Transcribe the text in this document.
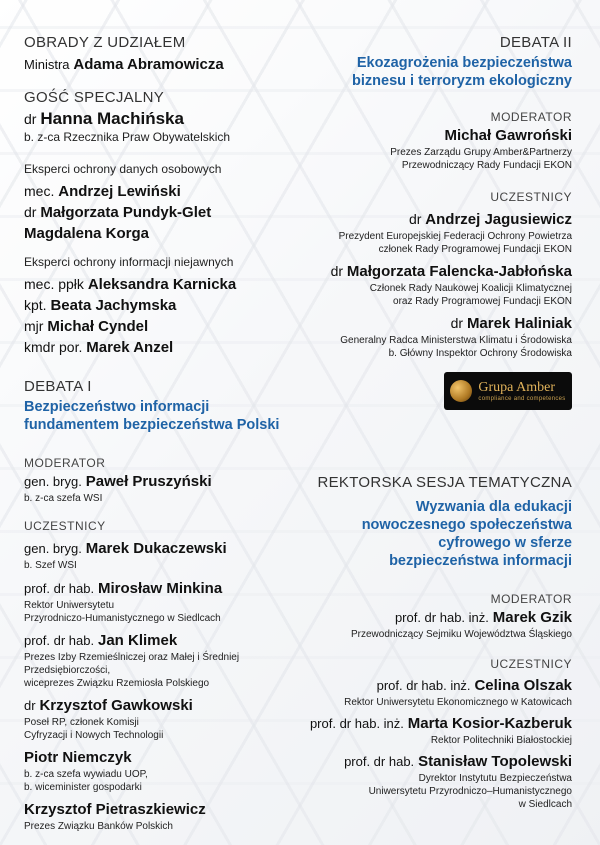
OBRADY Z UDZIAŁEM
Ministra Adama Abramowicza
GOŚĆ SPECJALNY
dr Hanna Machińska
b. z-ca Rzecznika Praw Obywatelskich
Eksperci ochrony danych osobowych
mec. Andrzej Lewiński
dr Małgorzata Pundyk-Glet
Magdalena Korga
Eksperci ochrony informacji niejawnych
mec. ppłk Aleksandra Karnicka
kpt. Beata Jachymska
mjr Michał Cyndel
kmdr por. Marek Anzel
DEBATA I
Bezpieczeństwo informacji
fundamentem bezpieczeństwa Polski
MODERATOR
gen. bryg. Paweł Pruszyński
b. z-ca szefa WSI
UCZESTNICY
gen. bryg. Marek Dukaczewski
b. Szef WSI
prof. dr hab. Mirosław Minkina
Rektor Uniwersytetu
Przyrodniczo-Humanistycznego w Siedlcach
prof. dr hab. Jan Klimek
Prezes Izby Rzemieślniczej oraz Małej i Średniej
Przedsiębiorczości,
wiceprezes Związku Rzemiosła Polskiego
dr Krzysztof Gawkowski
Poseł RP, członek Komisji
Cyfryzacji i Nowych Technologii
Piotr Niemczyk
b. z-ca szefa wywiadu UOP,
b. wiceminister gospodarki
Krzysztof Pietraszkiewicz
Prezes Związku Banków Polskich
DEBATA II
Ekozagrożenia bezpieczeństwa
biznesu i terroryzm ekologiczny
MODERATOR
Michał Gawroński
Prezes Zarządu Grupy Amber&Partnerzy
Przewodniczący Rady Fundacji EKON
UCZESTNICY
dr Andrzej Jagusiewicz
Prezydent Europejskiej Federacji Ochrony Powietrza
członek Rady Programowej Fundacji EKON
dr Małgorzata Falencka-Jabłońska
Członek Rady Naukowej Koalicji Klimatycznej
oraz Rady Programowej Fundacji EKON
dr Marek Haliniak
Generalny Radca Ministerstwa Klimatu i Środowiska
b. Główny Inspektor Ochrony Środowiska
REKTORSKA SESJA TEMATYCZNA
Wyzwania dla edukacji
nowoczesnego społeczeństwa
cyfrowego w sferze
bezpieczeństwa informacji
MODERATOR
prof. dr hab. inż. Marek Gzik
Przewodniczący Sejmiku Województwa Śląskiego
UCZESTNICY
prof. dr hab. inż. Celina Olszak
Rektor Uniwersytetu Ekonomicznego w Katowicach
prof. dr hab. inż. Marta Kosior-Kazberuk
Rektor Politechniki Białostockiej
prof. dr hab. Stanisław Topolewski
Dyrektor Instytutu Bezpieczeństwa
Uniwersytetu Przyrodniczo–Humanistycznego
w Siedlcach
Grupa Amber
compliance and competences
